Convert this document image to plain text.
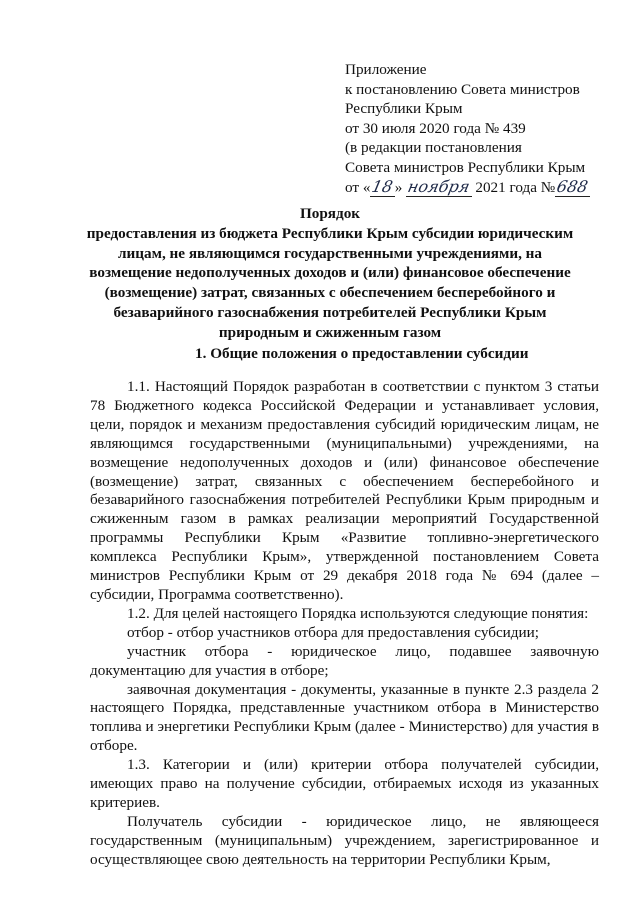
Приложение
к постановлению Совета министров
Республики Крым
от 30 июля 2020 года № 439
(в редакции постановления
Совета министров Республики Крым
от «18» ноября 2021 года №688
Порядок
предоставления из бюджета Республики Крым субсидии юридическим
лицам, не являющимся государственными учреждениями, на
возмещение недополученных доходов и (или) финансовое обеспечение
(возмещение) затрат, связанных с обеспечением бесперебойного и
безаварийного газоснабжения потребителей Республики Крым
природным и сжиженным газом
1. Общие положения о предоставлении субсидии

1.1. Настоящий Порядок разработан в соответствии с пунктом 3 статьи 78 Бюджетного кодекса Российской Федерации и устанавливает условия, цели, порядок и механизм предоставления субсидий юридическим лицам, не являющимся государственными (муниципальными) учреждениями, на возмещение недополученных доходов и (или) финансовое обеспечение (возмещение) затрат, связанных с обеспечением бесперебойного и безаварийного газоснабжения потребителей Республики Крым природным и сжиженным газом в рамках реализации мероприятий Государственной программы Республики Крым «Развитие топливно-энергетического комплекса Республики Крым», утвержденной постановлением Совета министров Республики Крым от 29 декабря 2018 года № 694 (далее – субсидии, Программа соответственно).

1.2. Для целей настоящего Порядка используются следующие понятия:

отбор - отбор участников отбора для предоставления субсидии;

участник отбора - юридическое лицо, подавшее заявочную документацию для участия в отборе;

заявочная документация - документы, указанные в пункте 2.3 раздела 2 настоящего Порядка, представленные участником отбора в Министерство топлива и энергетики Республики Крым (далее - Министерство) для участия в отборе.

1.3. Категории и (или) критерии отбора получателей субсидии, имеющих право на получение субсидии, отбираемых исходя из указанных критериев.

Получатель субсидии - юридическое лицо, не являющееся государственным (муниципальным) учреждением, зарегистрированное и осуществляющее свою деятельность на территории Республики Крым,
